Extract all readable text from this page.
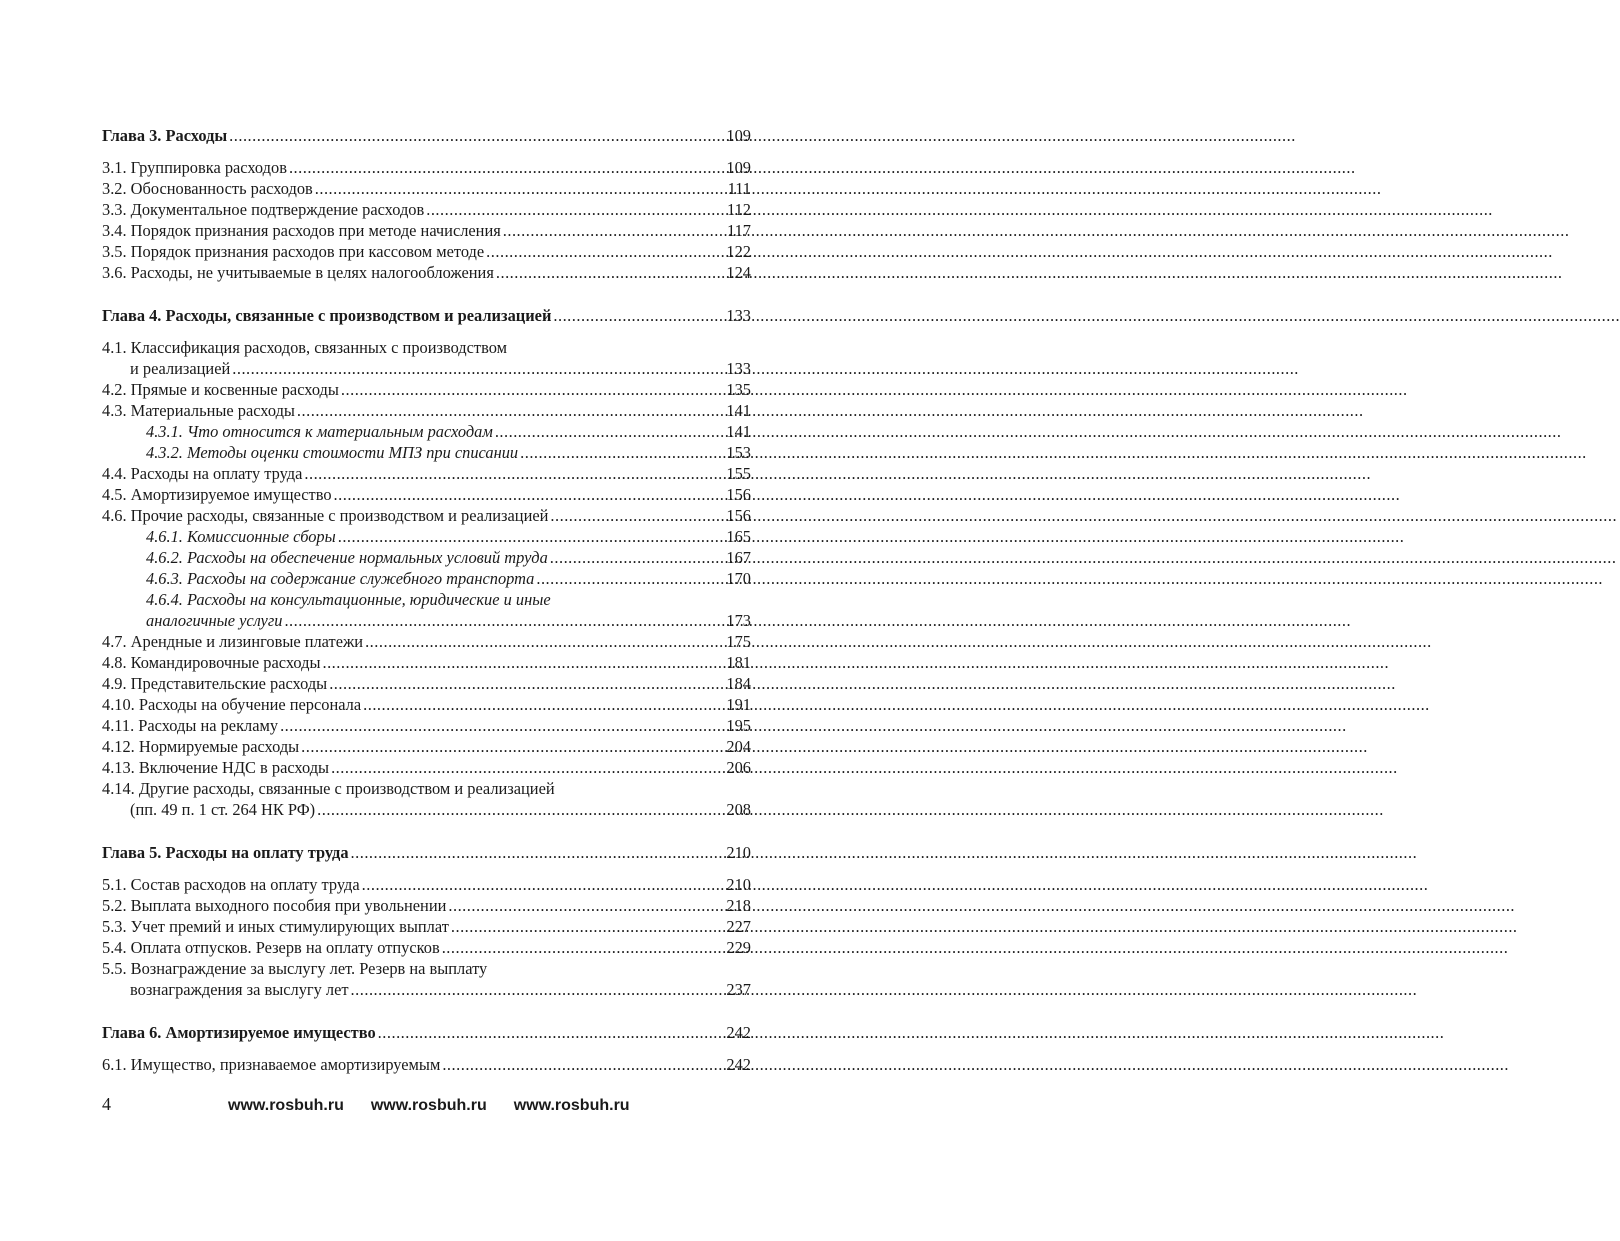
Глава 3. Расходы .....	109
3.1. Группировка расходов .....	109
3.2. Обоснованность расходов .....	111
3.3. Документальное подтверждение расходов .....	112
3.4. Порядок признания расходов при методе начисления .....	117
3.5. Порядок признания расходов при кассовом методе .....	122
3.6. Расходы, не учитываемые в целях налогообложения .....	124
Глава 4. Расходы, связанные с производством и реализацией .....	133
4.1. Классификация расходов, связанных с производством
и реализацией .....	133
4.2. Прямые и косвенные расходы .....	135
4.3. Материальные расходы .....	141
4.3.1. Что относится к материальным расходам .....	141
4.3.2. Методы оценки стоимости МПЗ при списании .....	153
4.4. Расходы на оплату труда .....	155
4.5. Амортизируемое имущество .....	156
4.6. Прочие расходы, связанные с производством и реализацией .....	156
4.6.1. Комиссионные сборы .....	165
4.6.2. Расходы на обеспечение нормальных условий труда .....	167
4.6.3. Расходы на содержание служебного транспорта .....	170
4.6.4. Расходы на консультационные, юридические и иные
аналогичные услуги .....	173
4.7. Арендные и лизинговые платежи .....	175
4.8. Командировочные расходы .....	181
4.9. Представительские расходы .....	184
4.10. Расходы на обучение персонала .....	191
4.11. Расходы на рекламу .....	195
4.12. Нормируемые расходы .....	204
4.13. Включение НДС в расходы .....	206
4.14. Другие расходы, связанные с производством и реализацией
(пп. 49 п. 1 ст. 264 НК РФ) .....	208
Глава 5. Расходы на оплату труда .....	210
5.1. Состав расходов на оплату труда .....	210
5.2. Выплата выходного пособия при увольнении .....	218
5.3. Учет премий и иных стимулирующих выплат .....	227
5.4. Оплата отпусков. Резерв на оплату отпусков .....	229
5.5. Вознаграждение за выслугу лет. Резерв на выплату
вознаграждения за выслугу лет .....	237
Глава 6. Амортизируемое имущество .....	242
6.1. Имущество, признаваемое амортизируемым .....	242
4	www.rosbuh.ru www.rosbuh.ru www.rosbuh.ru
